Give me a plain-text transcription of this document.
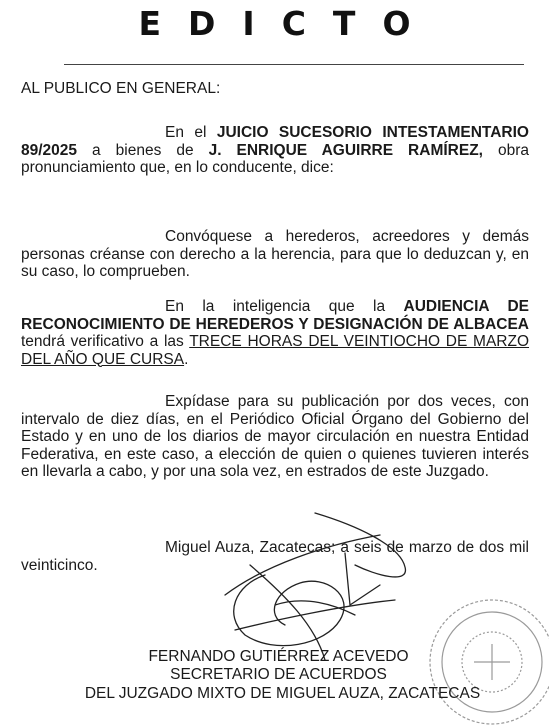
EDICTO
AL PUBLICO EN GENERAL:

En el JUICIO SUCESORIO INTESTAMENTARIO 89/2025 a bienes de J. ENRIQUE AGUIRRE RAMÍREZ, obra pronunciamiento que, en lo conducente, dice:

Convóquese a herederos, acreedores y demás personas créanse con derecho a la herencia, para que lo deduzcan y, en su caso, lo comprueben.

En la inteligencia que la AUDIENCIA DE RECONOCIMIENTO DE HEREDEROS Y DESIGNACIÓN DE ALBACEA tendrá verificativo a las TRECE HORAS DEL VEINTIOCHO DE MARZO DEL AÑO QUE CURSA.

Expídase para su publicación por dos veces, con intervalo de diez días, en el Periódico Oficial Órgano del Gobierno del Estado y en uno de los diarios de mayor circulación en nuestra Entidad Federativa, en este caso, a elección de quien o quienes tuvieren interés en llevarla a cabo, y por una sola vez, en estrados de este Juzgado.

Miguel Auza, Zacatecas; a seis de marzo de dos mil veinticinco.

FERNANDO GUTIÉRREZ ACEVEDO
SECRETARIO DE ACUERDOS
DEL JUZGADO MIXTO DE MIGUEL AUZA, ZACATECAS
